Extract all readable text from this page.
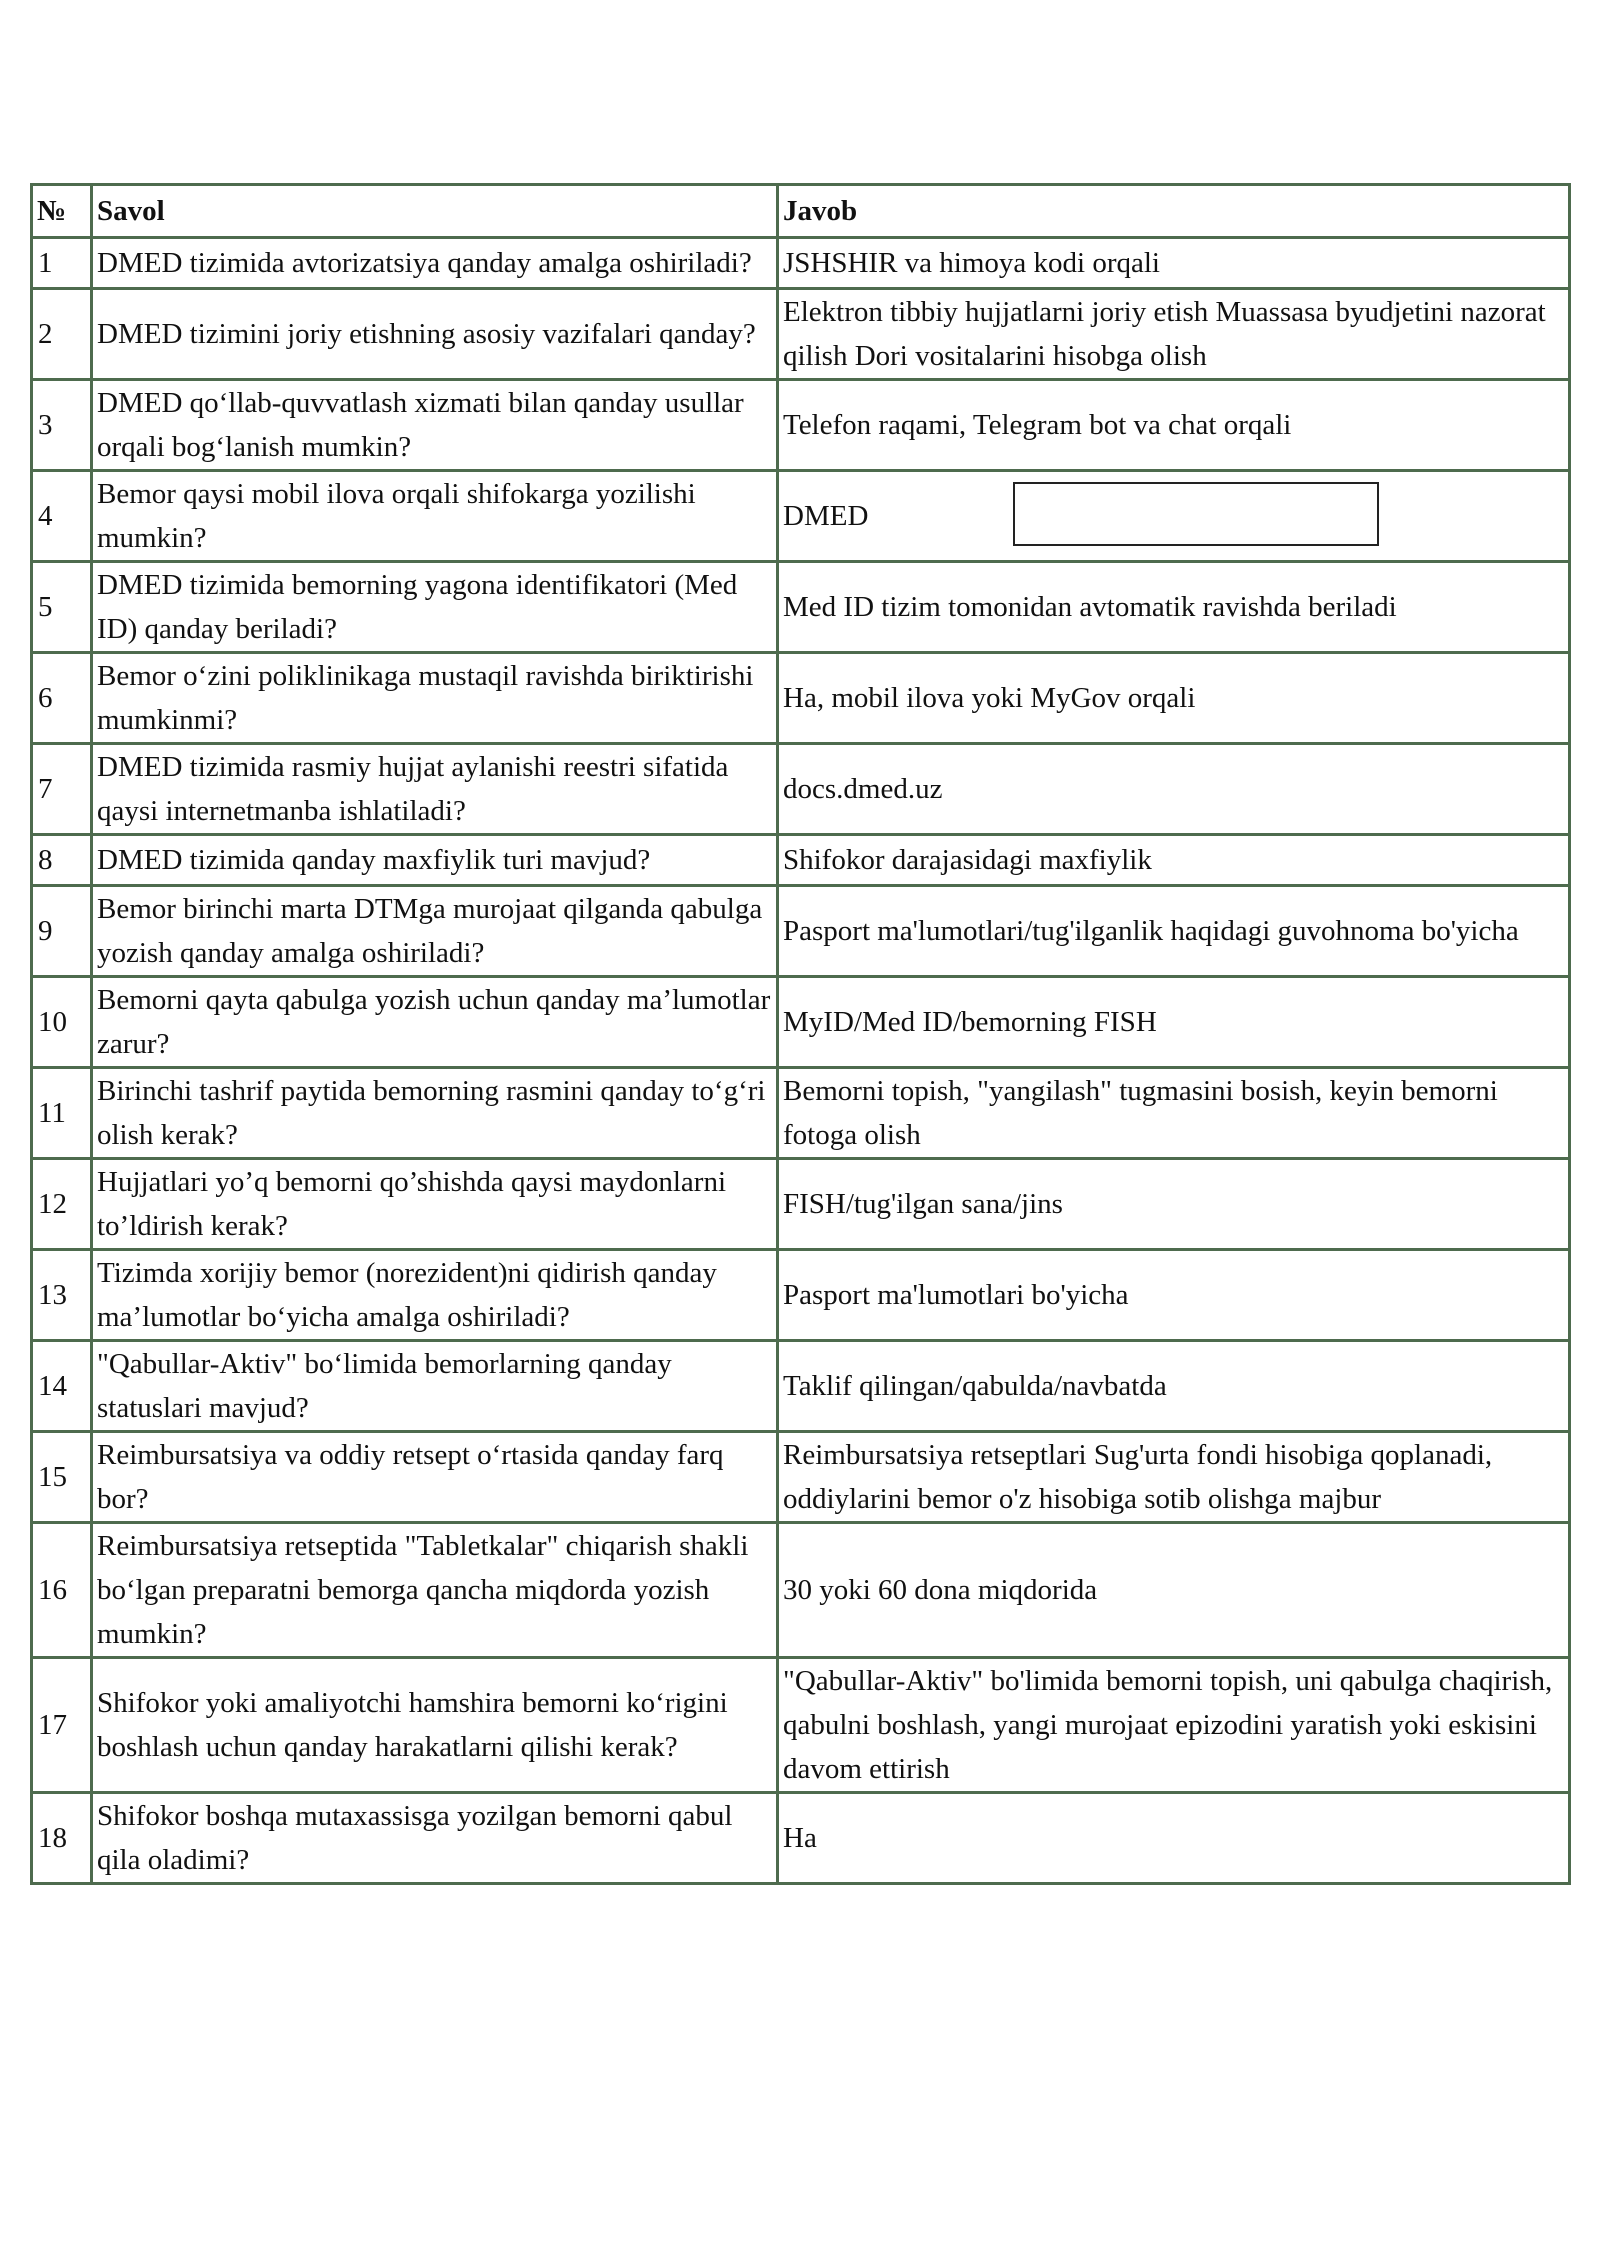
№	Savol	Javob
1	DMED tizimida avtorizatsiya qanday amalga oshiriladi?	JSHSHIR va himoya kodi orqali
2	DMED tizimini joriy etishning asosiy vazifalari qanday?	Elektron tibbiy hujjatlarni joriy etish Muassasa byudjetini nazorat qilish Dori vositalarini hisobga olish
3	DMED qo‘llab-quvvatlash xizmati bilan qanday usullar orqali bog‘lanish mumkin?	Telefon raqami, Telegram bot va chat orqali
4	Bemor qaysi mobil ilova orqali shifokarga yozilishi mumkin?	DMED

5	DMED tizimida bemorning yagona identifikatori (Med ID) qanday beriladi?	Med ID tizim tomonidan avtomatik ravishda beriladi
6	Bemor o‘zini poliklinikaga mustaqil ravishda biriktirishi mumkinmi?	Ha, mobil ilova yoki MyGov orqali
7	DMED tizimida rasmiy hujjat aylanishi reestri sifatida qaysi internetmanba ishlatiladi?	docs.dmed.uz
8	DMED tizimida qanday maxfiylik turi mavjud?	Shifokor darajasidagi maxfiylik
9	Bemor birinchi marta DTMga murojaat qilganda qabulga yozish qanday amalga oshiriladi?	Pasport ma'lumotlari/tug'ilganlik haqidagi guvohnoma bo'yicha
10	Bemorni qayta qabulga yozish uchun qanday ma’lumotlar zarur?	MyID/Med ID/bemorning FISH
11	Birinchi tashrif paytida bemorning rasmini qanday to‘g‘ri olish kerak?	Bemorni topish, "yangilash" tugmasini bosish, keyin bemorni fotoga olish
12	Hujjatlari yo’q bemorni qo’shishda qaysi maydonlarni to’ldirish kerak?	FISH/tug'ilgan sana/jins
13	Tizimda xorijiy bemor (norezident)ni qidirish qanday ma’lumotlar bo‘yicha amalga oshiriladi?	Pasport ma'lumotlari bo'yicha
14	"Qabullar-Aktiv" bo‘limida bemorlarning qanday statuslari mavjud?	Taklif qilingan/qabulda/navbatda
15	Reimbursatsiya va oddiy retsept o‘rtasida qanday farq bor?	Reimbursatsiya retseptlari Sug'urta fondi hisobiga qoplanadi, oddiylarini bemor o'z hisobiga sotib olishga majbur
16	Reimbursatsiya retseptida "Tabletkalar" chiqarish shakli bo‘lgan preparatni bemorga qancha miqdorda yozish mumkin?	30 yoki 60 dona miqdorida
17	Shifokor yoki amaliyotchi hamshira bemorni ko‘rigini boshlash uchun qanday harakatlarni qilishi kerak?	"Qabullar-Aktiv" bo'limida bemorni topish, uni qabulga chaqirish, qabulni boshlash, yangi murojaat epizodini yaratish yoki eskisini davom ettirish
18	Shifokor boshqa mutaxassisga yozilgan bemorni qabul qila oladimi?	Ha
